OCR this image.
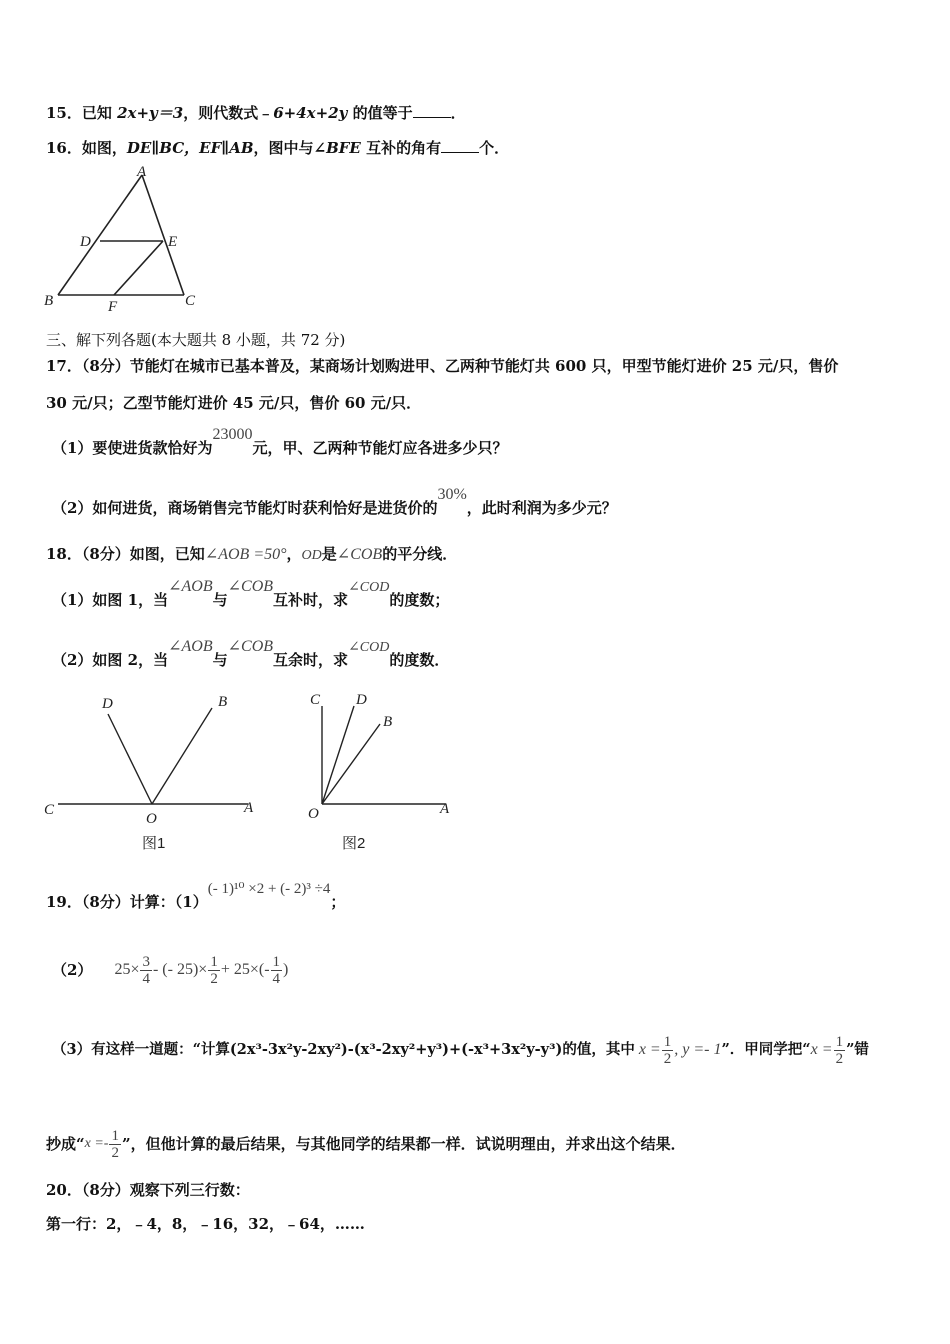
15．已知 2x+y＝3，则代数式﹣6+4x+2y 的值等于	．
16．如图，DE∥BC，EF∥AB，图中与∠BFE 互补的角有	个．
A
D	E
B	F	C
三、解下列各题(本大题共 8 小题，共 72 分)
17．（8分）节能灯在城市已基本普及，某商场计划购进甲、乙两种节能灯共 600 只，甲型节能灯进价 25 元/只，售价
30 元/只；乙型节能灯进价 45 元/只，售价 60 元/只．
（1）要使进货款恰好为23000元，甲、乙两种节能灯应各进多少只？
（2）如何进货，商场销售完节能灯时获利恰好是进货价的30%，此时利润为多少元？
18．（8分）如图，已知∠AOB =50°，OD是∠COB的平分线．
（1）如图 1，当∠AOB与∠COB互补时，求∠COD的度数；
（2）如图 2，当∠AOB与∠COB互余时，求∠COD的度数．
D	B
C
O
A
图1
C D
B
O	A
图2
19．（8分）计算：（1）(- 1)¹⁰ ×2 + (- 2)³ ÷4；
（2） $25\times \frac{3}{4}$ - (- $25)\times \frac{1}{2} + 25\times(- \frac{1}{4}$ )
（3）有这样一道题：“计算(2x³-3x²y-2xy²)-(x³-2xy²+y³)+(-x³+3x²y-y³)的值，其中 $x = \frac{1}{2}$ , y =- 1 ”．甲同学把“ $x = \frac{1}{2}$ ”错
抄成“ $x =- \frac{1}{2}$ ”，但他计算的最后结果，与其他同学的结果都一样．试说明理由，并求出这个结果．
20．（8分）观察下列三行数：
第一行：2，﹣4，8，﹣16，32，﹣64，……
